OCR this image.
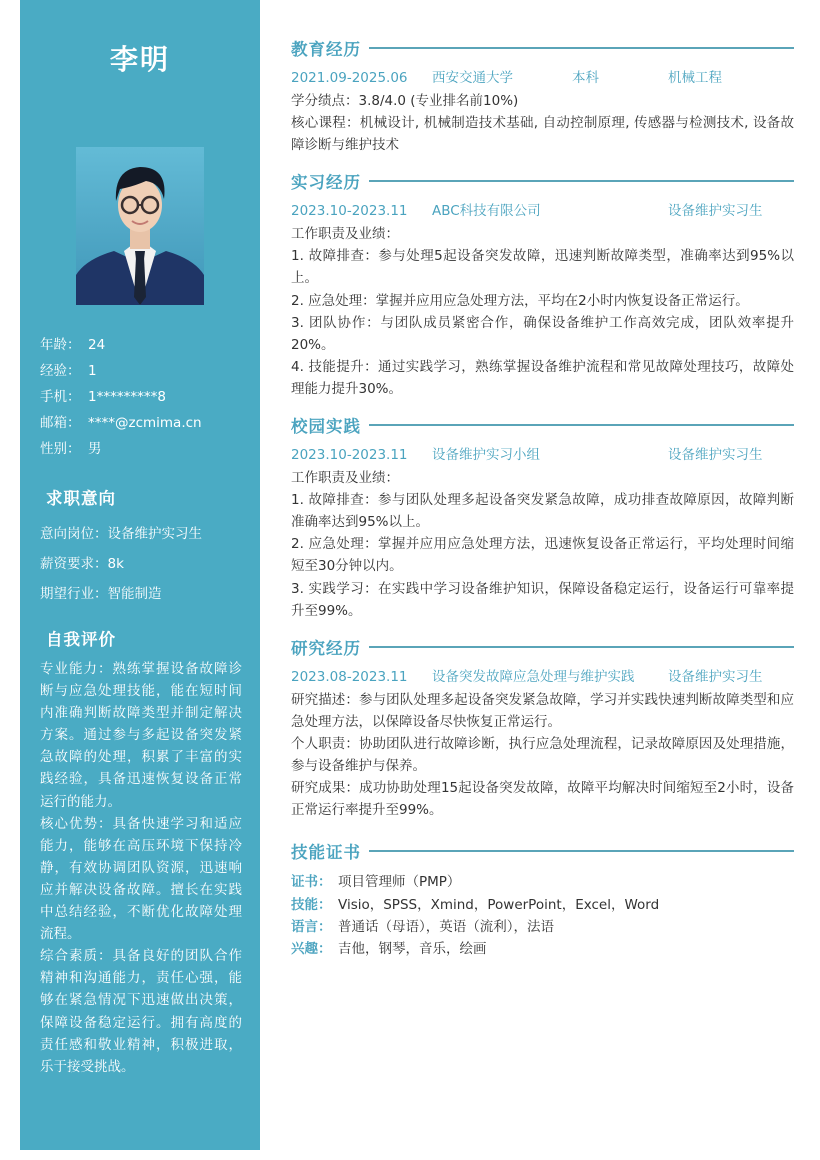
李明
年龄： 24
经验： 1
手机： 1*********8
邮箱： ****@zcmima.cn
性别： 男
求职意向
意向岗位：设备维护实习生
薪资要求：8k
期望行业：智能制造
自我评价

专业能力：熟练掌握设备故障诊断与应急处理技能，能在短时间内准确判断故障类型并制定解决方案。通过参与多起设备突发紧急故障的处理，积累了丰富的实践经验，具备迅速恢复设备正常运行的能力。

核心优势：具备快速学习和适应能力，能够在高压环境下保持冷静，有效协调团队资源，迅速响应并解决设备故障。擅长在实践中总结经验，不断优化故障处理流程。

综合素质：具备良好的团队合作精神和沟通能力，责任心强，能够在紧急情况下迅速做出决策，保障设备稳定运行。拥有高度的责任感和敬业精神，积极进取，乐于接受挑战。

教育经历
2021.09-2025.06 西安交通大学	本科	机械工程

学分绩点：3.8/4.0 (专业排名前10%)

核心课程：机械设计, 机械制造技术基础, 自动控制原理, 传感器与检测技术, 设备故障诊断与维护技术

实习经历
2023.10-2023.11 ABC科技有限公司	设备维护实习生

工作职责及业绩：

1. 故障排查：参与处理5起设备突发故障，迅速判断故障类型，准确率达到95%以上。

2. 应急处理：掌握并应用应急处理方法，平均在2小时内恢复设备正常运行。

3. 团队协作：与团队成员紧密合作，确保设备维护工作高效完成，团队效率提升20%。

4. 技能提升：通过实践学习，熟练掌握设备维护流程和常见故障处理技巧，故障处理能力提升30%。

校园实践
2023.10-2023.11 设备维护实习小组	设备维护实习生

工作职责及业绩：

1. 故障排查：参与团队处理多起设备突发紧急故障，成功排查故障原因，故障判断准确率达到95%以上。

2. 应急处理：掌握并应用应急处理方法，迅速恢复设备正常运行，平均处理时间缩短至30分钟以内。

3. 实践学习：在实践中学习设备维护知识，保障设备稳定运行，设备运行可靠率提升至99%。

研究经历
2023.08-2023.11 设备突发故障应急处理与维护实践 设备维护实习生

研究描述：参与团队处理多起设备突发紧急故障，学习并实践快速判断故障类型和应急处理方法，以保障设备尽快恢复正常运行。

个人职责：协助团队进行故障诊断，执行应急处理流程，记录故障原因及处理措施，参与设备维护与保养。

研究成果：成功协助处理15起设备突发故障，故障平均解决时间缩短至2小时，设备正常运行率提升至99%。

技能证书
证书： 项目管理师（PMP）
技能： Visio，SPSS，Xmind，PowerPoint，Excel，Word
语言： 普通话（母语），英语（流利），法语
兴趣： 吉他，钢琴，音乐，绘画
